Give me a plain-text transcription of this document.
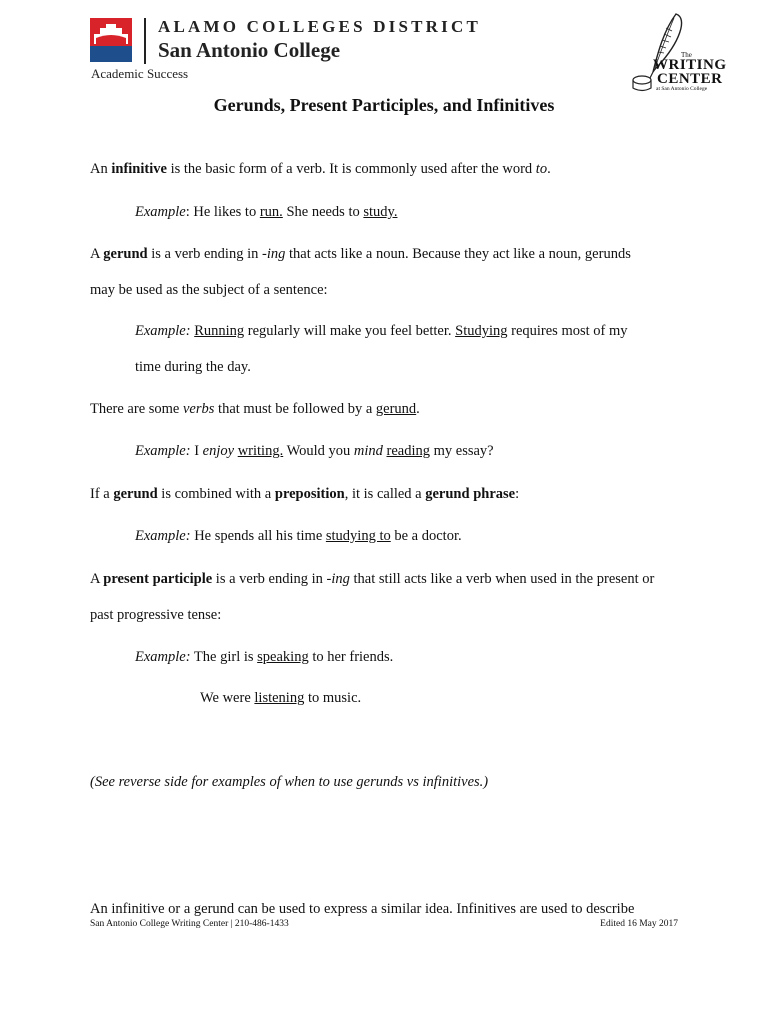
ALAMO COLLEGES DISTRICT
San Antonio College
Academic Success
The
WRITING
CENTER
at San Antonio College
Gerunds, Present Participles, and Infinitives
An infinitive is the basic form of a verb. It is commonly used after the word to.
Example: He likes to run. She needs to study.
A gerund is a verb ending in -ing that acts like a noun. Because they act like a noun, gerunds
may be used as the subject of a sentence:
Example: Running regularly will make you feel better. Studying requires most of my
time during the day.
There are some verbs that must be followed by a gerund.
Example: I enjoy writing. Would you mind reading my essay?
If a gerund is combined with a preposition, it is called a gerund phrase:
Example: He spends all his time studying to be a doctor.
A present participle is a verb ending in -ing that still acts like a verb when used in the present or
past progressive tense:
Example: The girl is speaking to her friends.
We were listening to music.
(See reverse side for examples of when to use gerunds vs infinitives.)
An infinitive or a gerund can be used to express a similar idea. Infinitives are used to describe
San Antonio College Writing Center | 210-486-1433	Edited 16 May 2017
